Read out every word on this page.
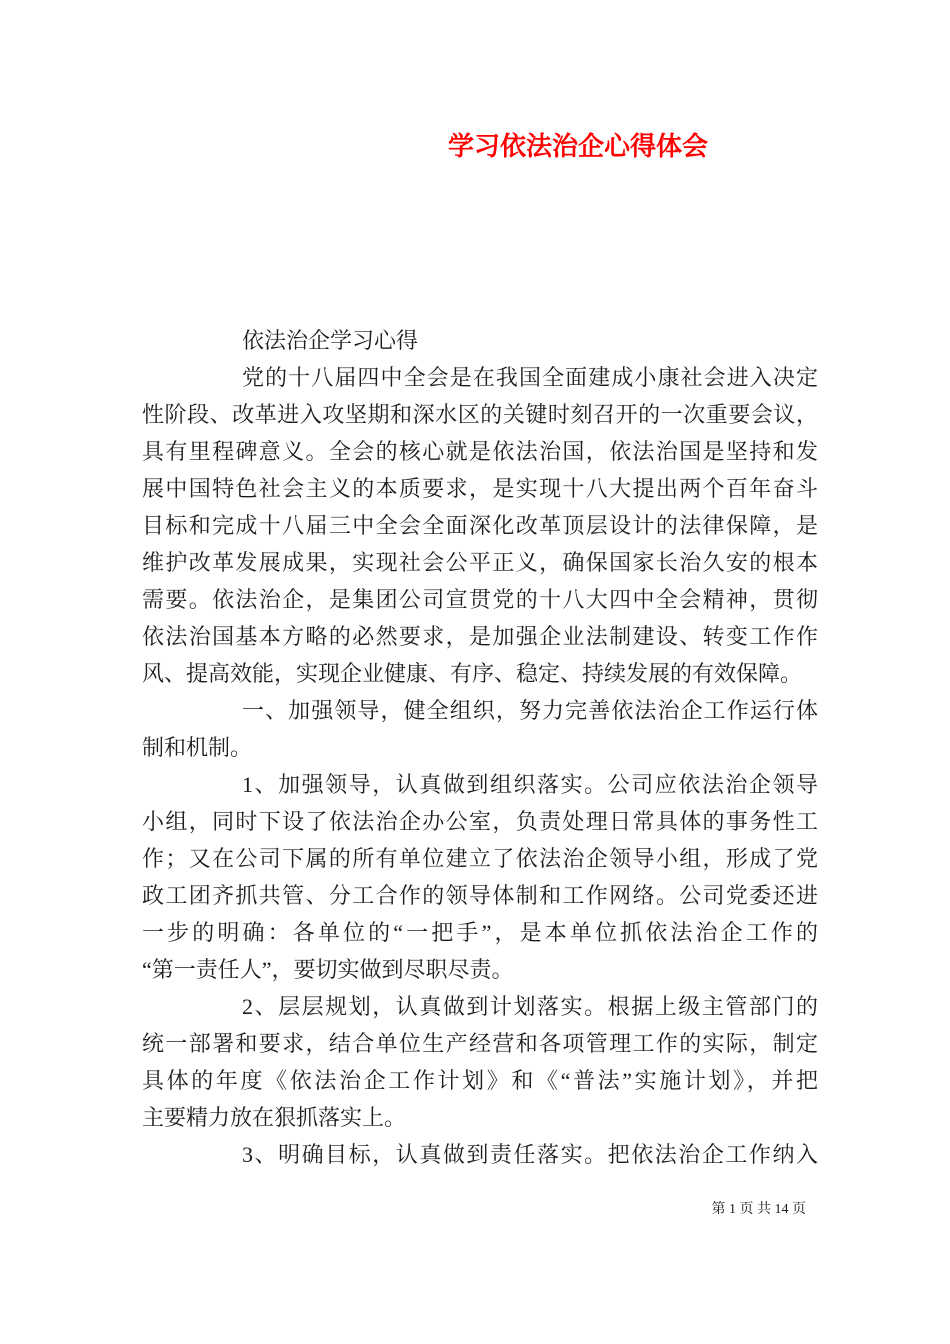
学习依法治企心得体会
依法治企学习心得
党的十八届四中全会是在我国全面建成小康社会进入决定
性阶段、改革进入攻坚期和深水区的关键时刻召开的一次重要会议，
具有里程碑意义。全会的核心就是依法治国，依法治国是坚持和发
展中国特色社会主义的本质要求，是实现十八大提出两个百年奋斗
目标和完成十八届三中全会全面深化改革顶层设计的法律保障，是
维护改革发展成果，实现社会公平正义，确保国家长治久安的根本
需要。依法治企，是集团公司宣贯党的十八大四中全会精神，贯彻
依法治国基本方略的必然要求，是加强企业法制建设、转变工作作
风、提高效能，实现企业健康、有序、稳定、持续发展的有效保障。
一、加强领导，健全组织，努力完善依法治企工作运行体
制和机制。
1、加强领导，认真做到组织落实。公司应依法治企领导
小组，同时下设了依法治企办公室，负责处理日常具体的事务性工
作；又在公司下属的所有单位建立了依法治企领导小组，形成了党
政工团齐抓共管、分工合作的领导体制和工作网络。公司党委还进
一步的明确：各单位的“一把手”，是本单位抓依法治企工作的
“第一责任人”，要切实做到尽职尽责。
2、层层规划，认真做到计划落实。根据上级主管部门的
统一部署和要求，结合单位生产经营和各项管理工作的实际，制定
具体的年度《依法治企工作计划》和《“普法”实施计划》，并把
主要精力放在狠抓落实上。
3、明确目标，认真做到责任落实。把依法治企工作纳入
第 1 页 共 14 页
